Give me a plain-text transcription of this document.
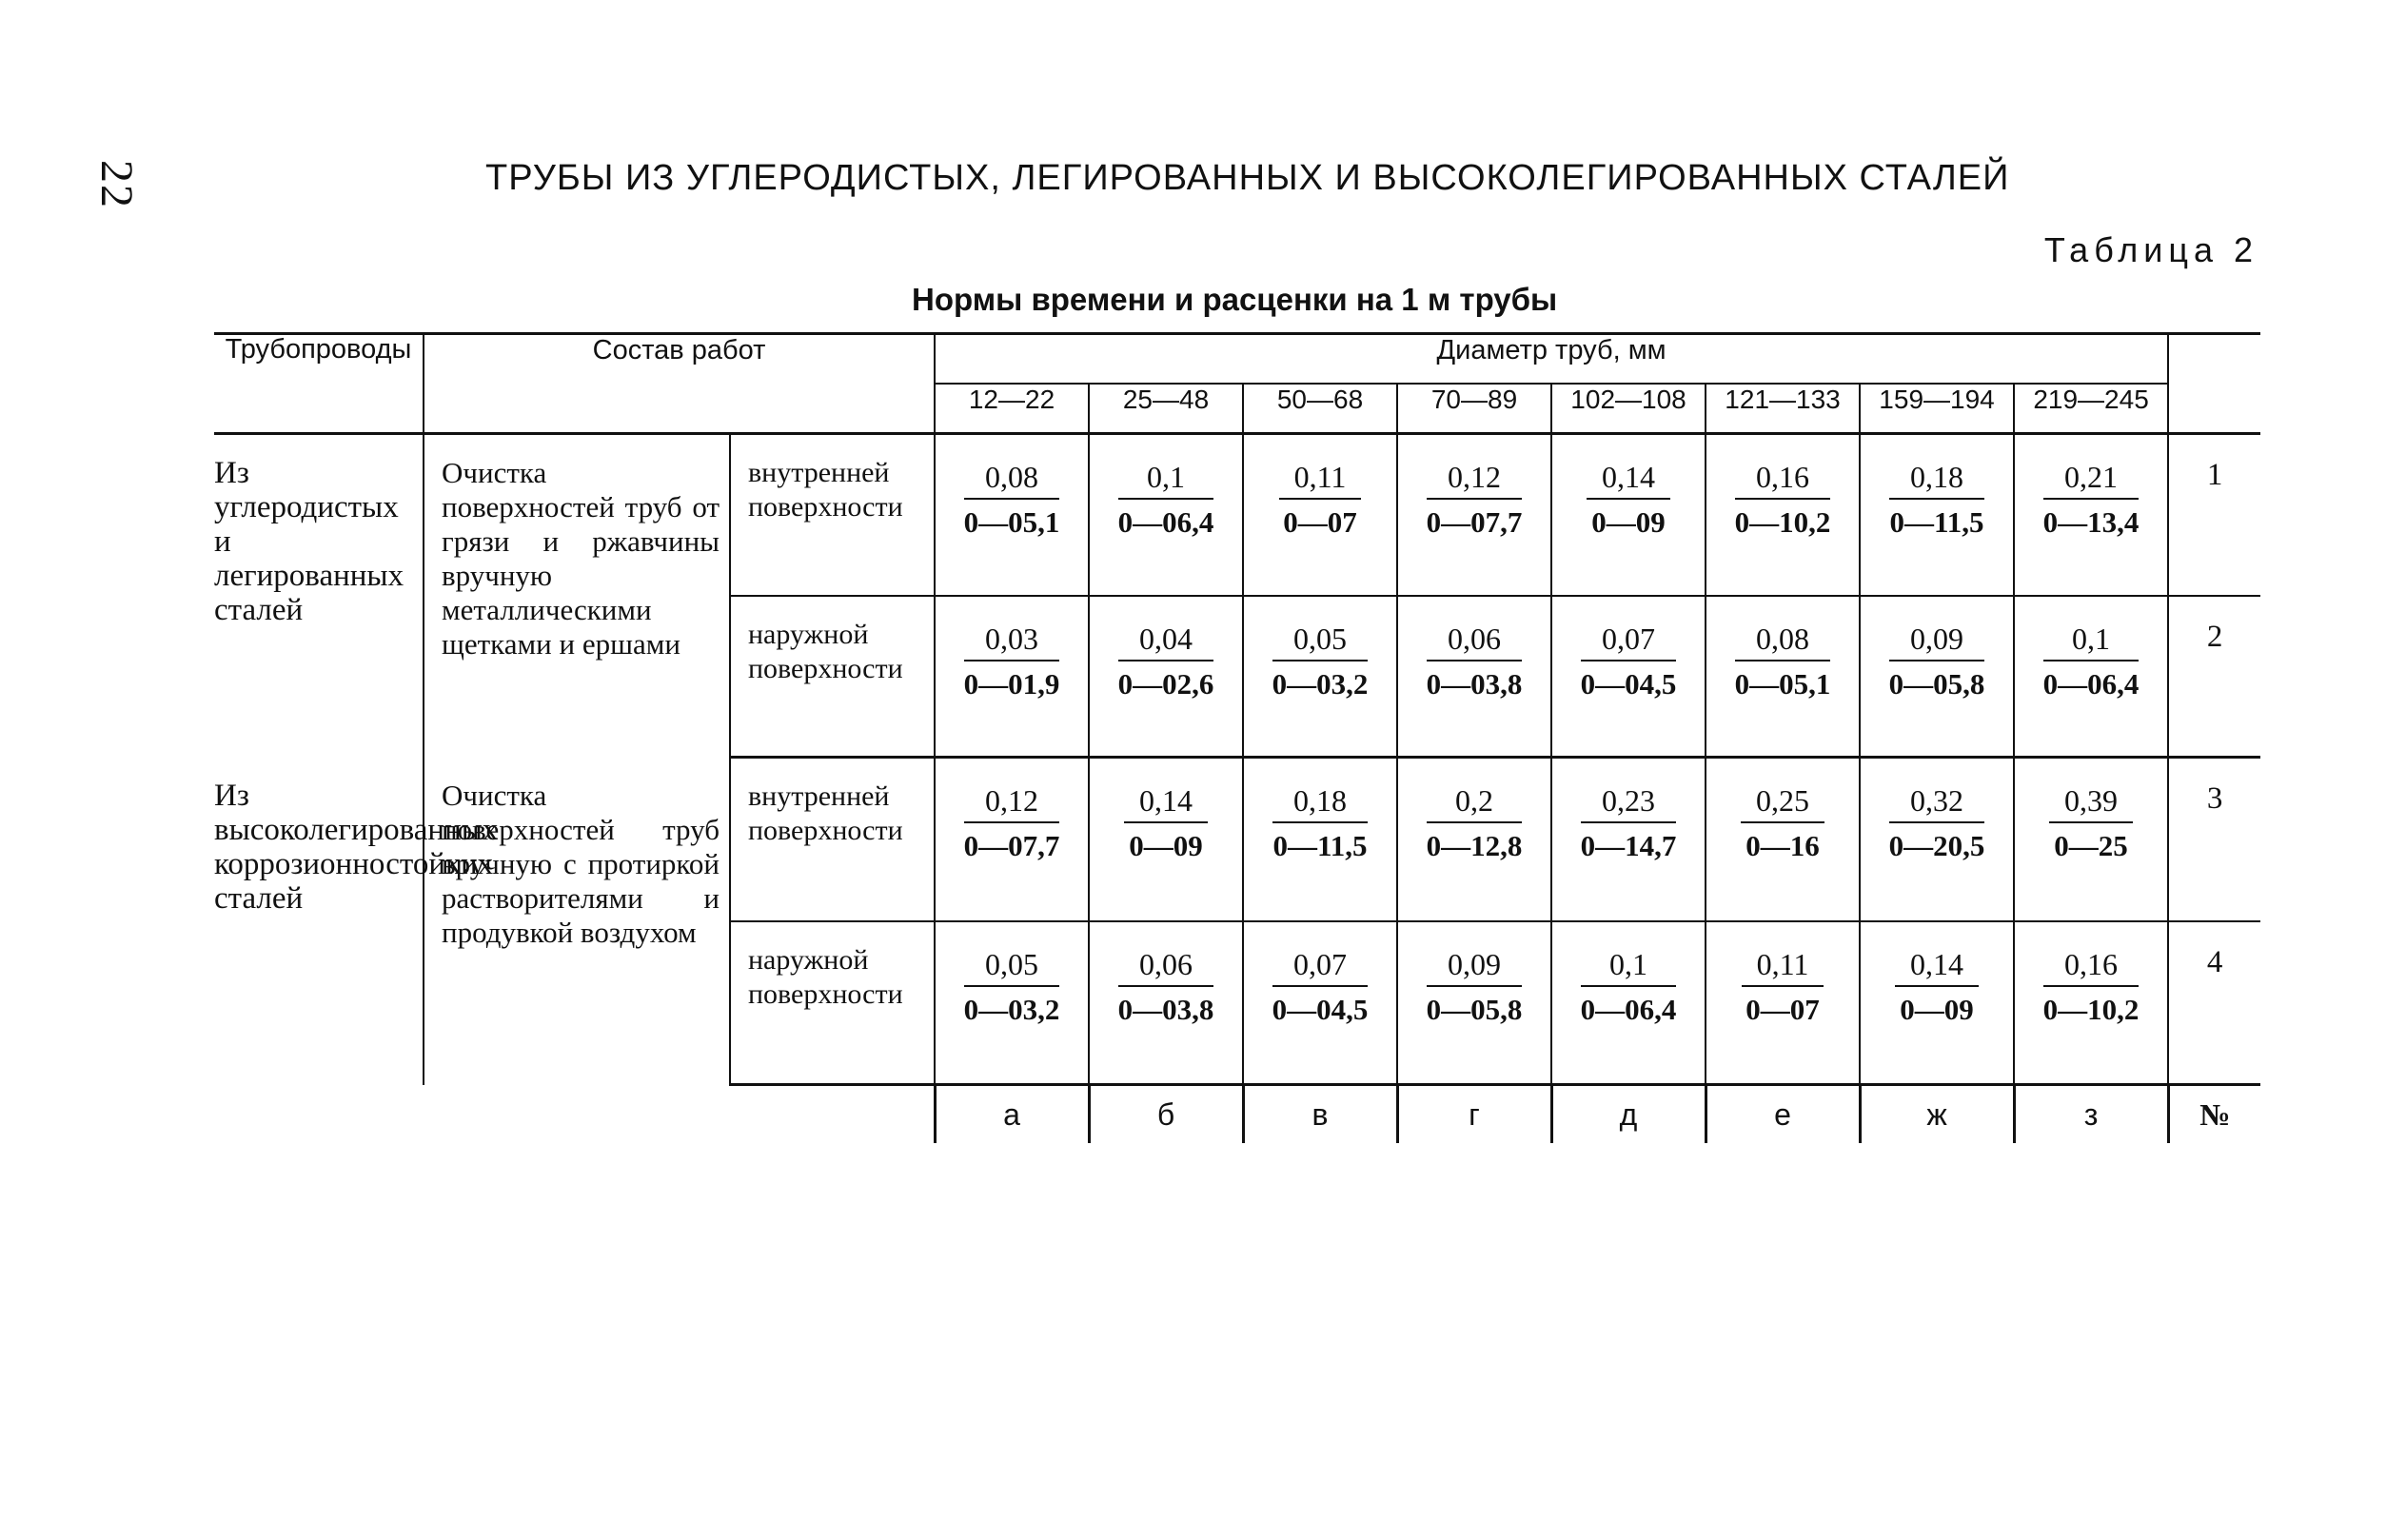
22	ТРУБЫ ИЗ УГЛЕРОДИСТЫХ, ЛЕГИРОВАННЫХ И ВЫСОКОЛЕГИРОВАННЫХ СТАЛЕЙ
Таблица 2
Нормы времени и расценки на 1 м трубы
Трубопроводы	Состав работ		Диаметр труб, мм								
			12—22	25—48	50—68	70—89	102—108	121—133	159—194	219—245	
Из углеродистых и легированных сталей	Очистка поверхностей труб от грязи и ржавчины вручную металлическими щетками и ершами	внутренней поверхности	$\frac{0,08}{0—05,1}$	$\frac{0,1}{0—06,4}$	$\frac{0,11}{0—07}$	$\frac{0,12}{0—07,7}$	$\frac{0,14}{0—09}$	$\frac{0,16}{0—10,2}$	$\frac{0,18}{0—11,5}$	$\frac{0,21}{0—13,4}$	1
		наружной поверхности	$\frac{0,03}{0—01,9}$	$\frac{0,04}{0—02,6}$	$\frac{0,05}{0—03,2}$	$\frac{0,06}{0—03,8}$	$\frac{0,07}{0—04,5}$	$\frac{0,08}{0—05,1}$	$\frac{0,09}{0—05,8}$	$\frac{0,1}{0—06,4}$	2
Из высоколегированных коррозионностойких сталей	Очистка поверхностей труб вручную с протиркой растворителями и продувкой воздухом	внутренней поверхности	$\frac{0,12}{0—07,7}$	$\frac{0,14}{0—09}$	$\frac{0,18}{0—11,5}$	$\frac{0,2}{0—12,8}$	$\frac{0,23}{0—14,7}$	$\frac{0,25}{0—16}$	$\frac{0,32}{0—20,5}$	$\frac{0,39}{0—25}$	3
		наружной поверхности	$\frac{0,05}{0—03,2}$	$\frac{0,06}{0—03,8}$	$\frac{0,07}{0—04,5}$	$\frac{0,09}{0—05,8}$	$\frac{0,1}{0—06,4}$	$\frac{0,11}{0—07}$	$\frac{0,14}{0—09}$	$\frac{0,16}{0—10,2}$	4
			а	б	в	г	д	е	ж	з	№
